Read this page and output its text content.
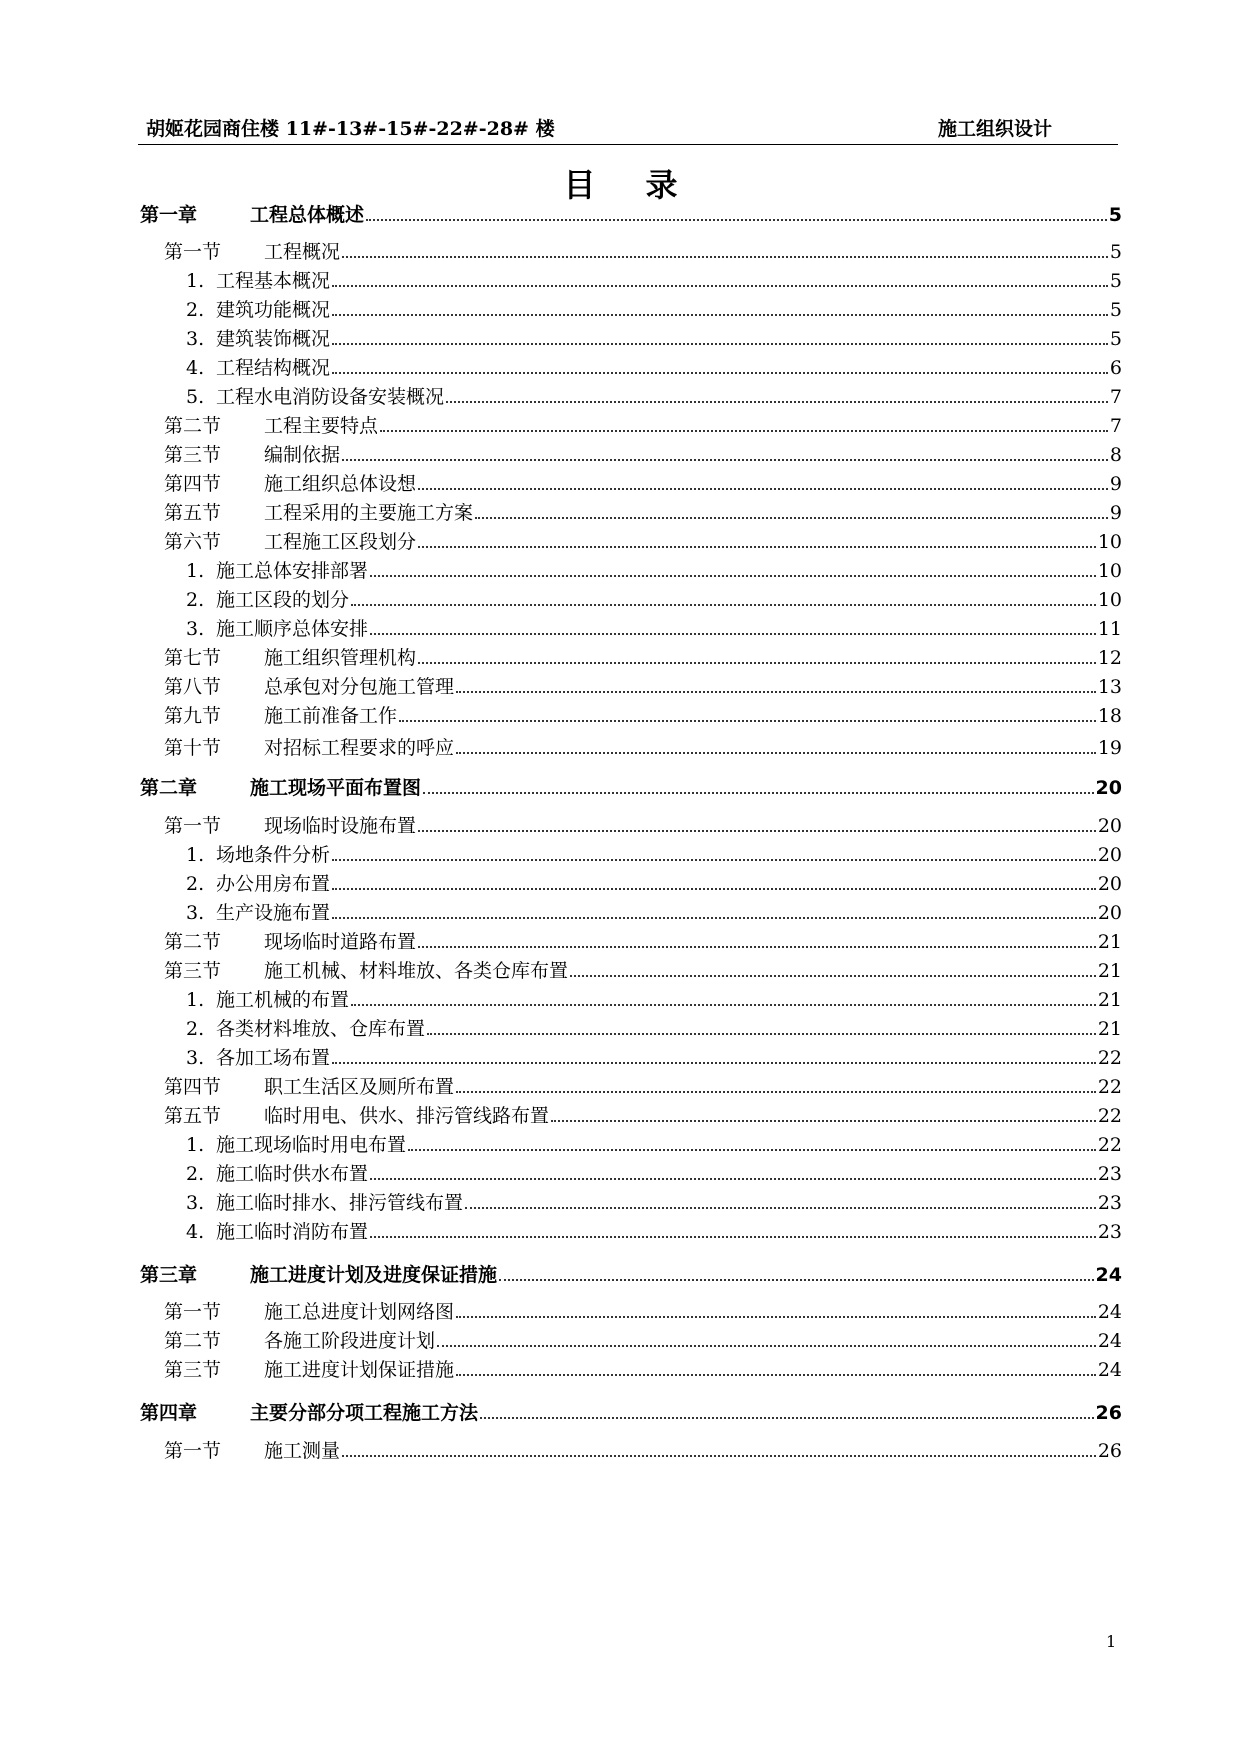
胡姬花园商住楼 11#-13#-15#-22#-28# 楼	施工组织设计
目录
第一章	工程总体概述	5
第一节	工程概况	5
1. 工程基本概况	5
2. 建筑功能概况	5
3. 建筑装饰概况	5
4. 工程结构概况	6
5. 工程水电消防设备安装概况	7
第二节	工程主要特点	7
第三节	编制依据	8
第四节	施工组织总体设想	9
第五节	工程采用的主要施工方案	9
第六节	工程施工区段划分	10
1. 施工总体安排部署	10
2. 施工区段的划分	10
3. 施工顺序总体安排	11
第七节	施工组织管理机构	12
第八节	总承包对分包施工管理	13
第九节	施工前准备工作	18
第十节	对招标工程要求的呼应	19
第二章	施工现场平面布置图	20
第一节	现场临时设施布置	20
1. 场地条件分析	20
2. 办公用房布置	20
3. 生产设施布置	20
第二节	现场临时道路布置	21
第三节	施工机械、材料堆放、各类仓库布置	21
1. 施工机械的布置	21
2. 各类材料堆放、仓库布置	21
3. 各加工场布置	22
第四节	职工生活区及厕所布置	22
第五节	临时用电、供水、排污管线路布置	22
1. 施工现场临时用电布置	22
2. 施工临时供水布置	23
3. 施工临时排水、排污管线布置	23
4. 施工临时消防布置	23
第三章	施工进度计划及进度保证措施	24
第一节	施工总进度计划网络图	24
第二节	各施工阶段进度计划	24
第三节	施工进度计划保证措施	24
第四章	主要分部分项工程施工方法	26
第一节	施工测量	26
1
